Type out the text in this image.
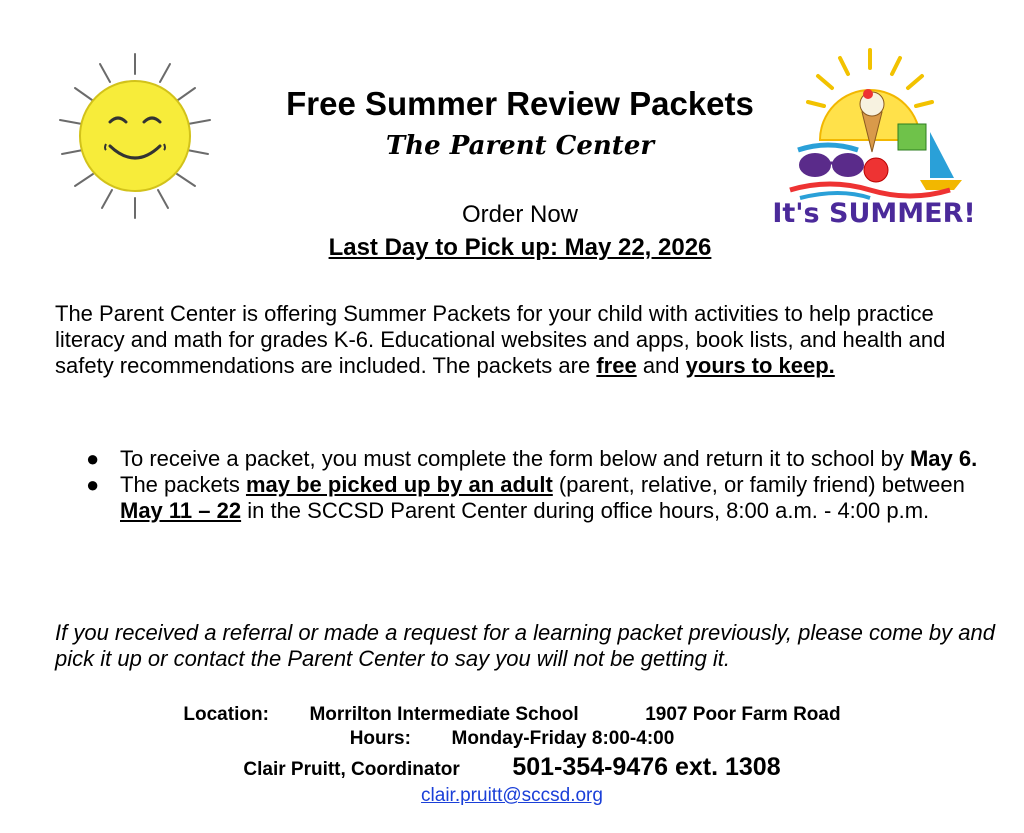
It's SUMMER!
Free Summer Review Packets
The Parent Center
Order Now
Last Day to Pick up: May 22, 2026
The Parent Center is offering Summer Packets for your child with activities to help practice literacy and math for grades K-6. Educational websites and apps, book lists, and health and safety recommendations are included. The packets are free and yours to keep.
● To receive a packet, you must complete the form below and return it to school by May 6.
● The packets may be picked up by an adult (parent, relative, or family friend) between May 11 – 22 in the SCCSD Parent Center during office hours, 8:00 a.m. - 4:00 p.m.
If you received a referral or made a request for a learning packet previously, please come by and pick it up or contact the Parent Center to say you will not be getting it.
Location: Morrilton Intermediate School	1907 Poor Farm Road
Hours: Monday-Friday 8:00-4:00
Clair Pruitt, Coordinator 501-354-9476 ext. 1308
clair.pruitt@sccsd.org
